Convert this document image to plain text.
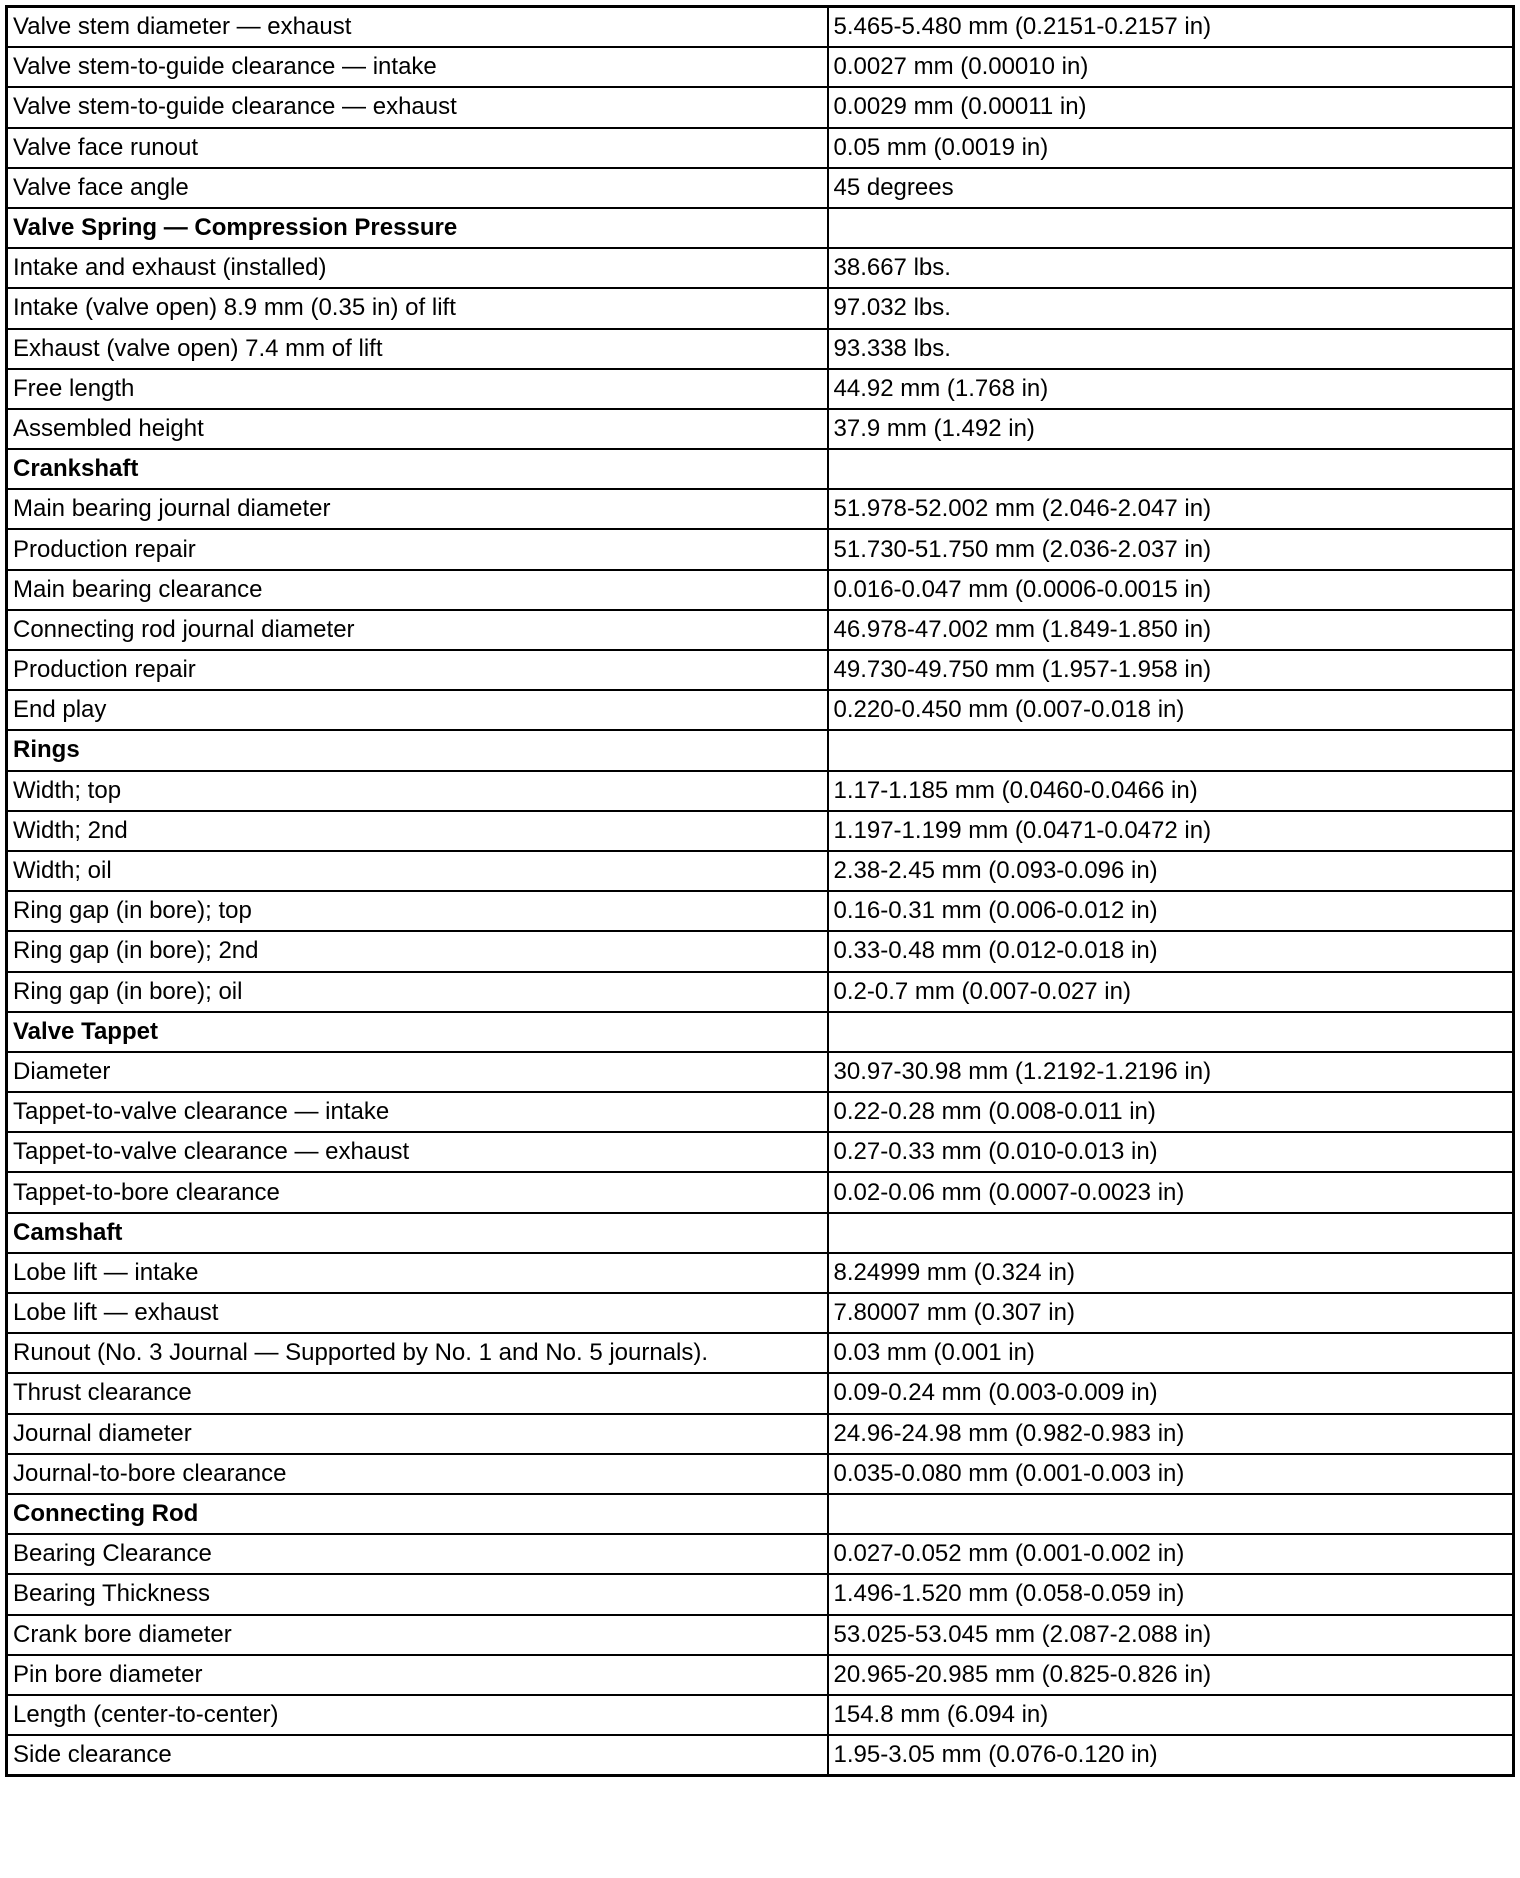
Valve stem diameter — exhaust	5.465-5.480 mm (0.2151-0.2157 in)
Valve stem-to-guide clearance — intake	0.0027 mm (0.00010 in)
Valve stem-to-guide clearance — exhaust	0.0029 mm (0.00011 in)
Valve face runout	0.05 mm (0.0019 in)
Valve face angle	45 degrees
Valve Spring — Compression Pressure	
Intake and exhaust (installed)	38.667 lbs.
Intake (valve open) 8.9 mm (0.35 in) of lift	97.032 lbs.
Exhaust (valve open) 7.4 mm of lift	93.338 lbs.
Free length	44.92 mm (1.768 in)
Assembled height	37.9 mm (1.492 in)
Crankshaft	
Main bearing journal diameter	51.978-52.002 mm (2.046-2.047 in)
Production repair	51.730-51.750 mm (2.036-2.037 in)
Main bearing clearance	0.016-0.047 mm (0.0006-0.0015 in)
Connecting rod journal diameter	46.978-47.002 mm (1.849-1.850 in)
Production repair	49.730-49.750 mm (1.957-1.958 in)
End play	0.220-0.450 mm (0.007-0.018 in)
Rings	
Width; top	1.17-1.185 mm (0.0460-0.0466 in)
Width; 2nd	1.197-1.199 mm (0.0471-0.0472 in)
Width; oil	2.38-2.45 mm (0.093-0.096 in)
Ring gap (in bore); top	0.16-0.31 mm (0.006-0.012 in)
Ring gap (in bore); 2nd	0.33-0.48 mm (0.012-0.018 in)
Ring gap (in bore); oil	0.2-0.7 mm (0.007-0.027 in)
Valve Tappet	
Diameter	30.97-30.98 mm (1.2192-1.2196 in)
Tappet-to-valve clearance — intake	0.22-0.28 mm (0.008-0.011 in)
Tappet-to-valve clearance — exhaust	0.27-0.33 mm (0.010-0.013 in)
Tappet-to-bore clearance	0.02-0.06 mm (0.0007-0.0023 in)
Camshaft	
Lobe lift — intake	8.24999 mm (0.324 in)
Lobe lift — exhaust	7.80007 mm (0.307 in)
Runout (No. 3 Journal — Supported by No. 1 and No. 5 journals).	0.03 mm (0.001 in)
Thrust clearance	0.09-0.24 mm (0.003-0.009 in)
Journal diameter	24.96-24.98 mm (0.982-0.983 in)
Journal-to-bore clearance	0.035-0.080 mm (0.001-0.003 in)
Connecting Rod	
Bearing Clearance	0.027-0.052 mm (0.001-0.002 in)
Bearing Thickness	1.496-1.520 mm (0.058-0.059 in)
Crank bore diameter	53.025-53.045 mm (2.087-2.088 in)
Pin bore diameter	20.965-20.985 mm (0.825-0.826 in)
Length (center-to-center)	154.8 mm (6.094 in)
Side clearance	1.95-3.05 mm (0.076-0.120 in)
